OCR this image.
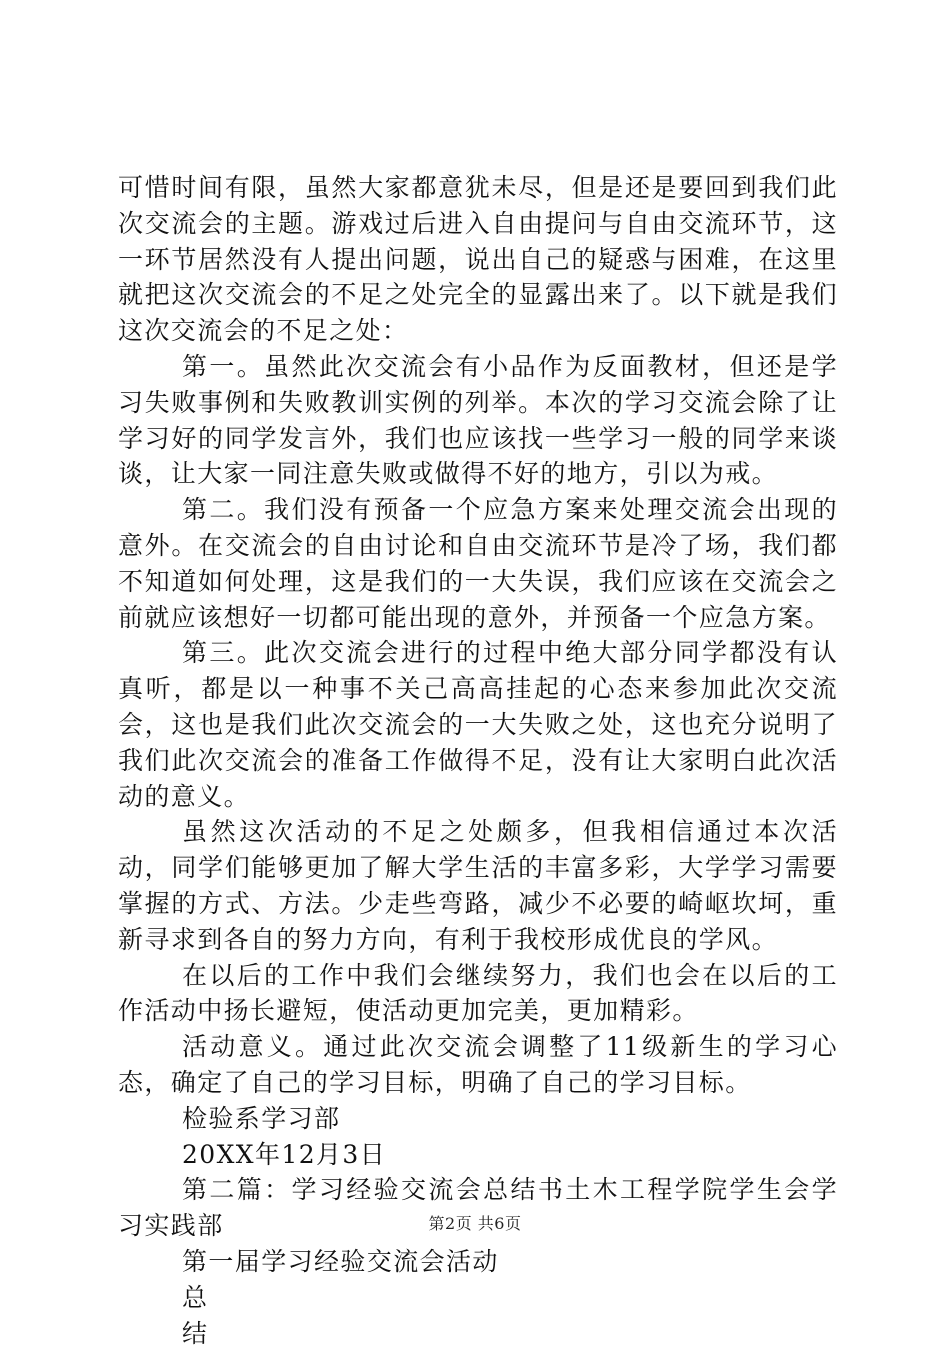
可惜时间有限，虽然大家都意犹未尽，但是还是要回到我们此次交流会的主题。游戏过后进入自由提问与自由交流环节，这一环节居然没有人提出问题，说出自己的疑惑与困难，在这里就把这次交流会的不足之处完全的显露出来了。以下就是我们这次交流会的不足之处：

第一。虽然此次交流会有小品作为反面教材，但还是学习失败事例和失败教训实例的列举。本次的学习交流会除了让学习好的同学发言外，我们也应该找一些学习一般的同学来谈谈，让大家一同注意失败或做得不好的地方，引以为戒。

第二。我们没有预备一个应急方案来处理交流会出现的意外。在交流会的自由讨论和自由交流环节是冷了场，我们都不知道如何处理，这是我们的一大失误，我们应该在交流会之前就应该想好一切都可能出现的意外，并预备一个应急方案。

第三。此次交流会进行的过程中绝大部分同学都没有认真听，都是以一种事不关己高高挂起的心态来参加此次交流会，这也是我们此次交流会的一大失败之处，这也充分说明了我们此次交流会的准备工作做得不足，没有让大家明白此次活动的意义。

虽然这次活动的不足之处颇多，但我相信通过本次活动，同学们能够更加了解大学生活的丰富多彩，大学学习需要掌握的方式、方法。少走些弯路，减少不必要的崎岖坎坷，重新寻求到各自的努力方向，有利于我校形成优良的学风。

在以后的工作中我们会继续努力，我们也会在以后的工作活动中扬长避短，使活动更加完美，更加精彩。

活动意义。通过此次交流会调整了11级新生的学习心态，确定了自己的学习目标，明确了自己的学习目标。

检验系学习部

20XX年12月3日

第二篇：学习经验交流会总结书土木工程学院学生会学习实践部

第一届学习经验交流会活动

总

结

第2页 共6页
